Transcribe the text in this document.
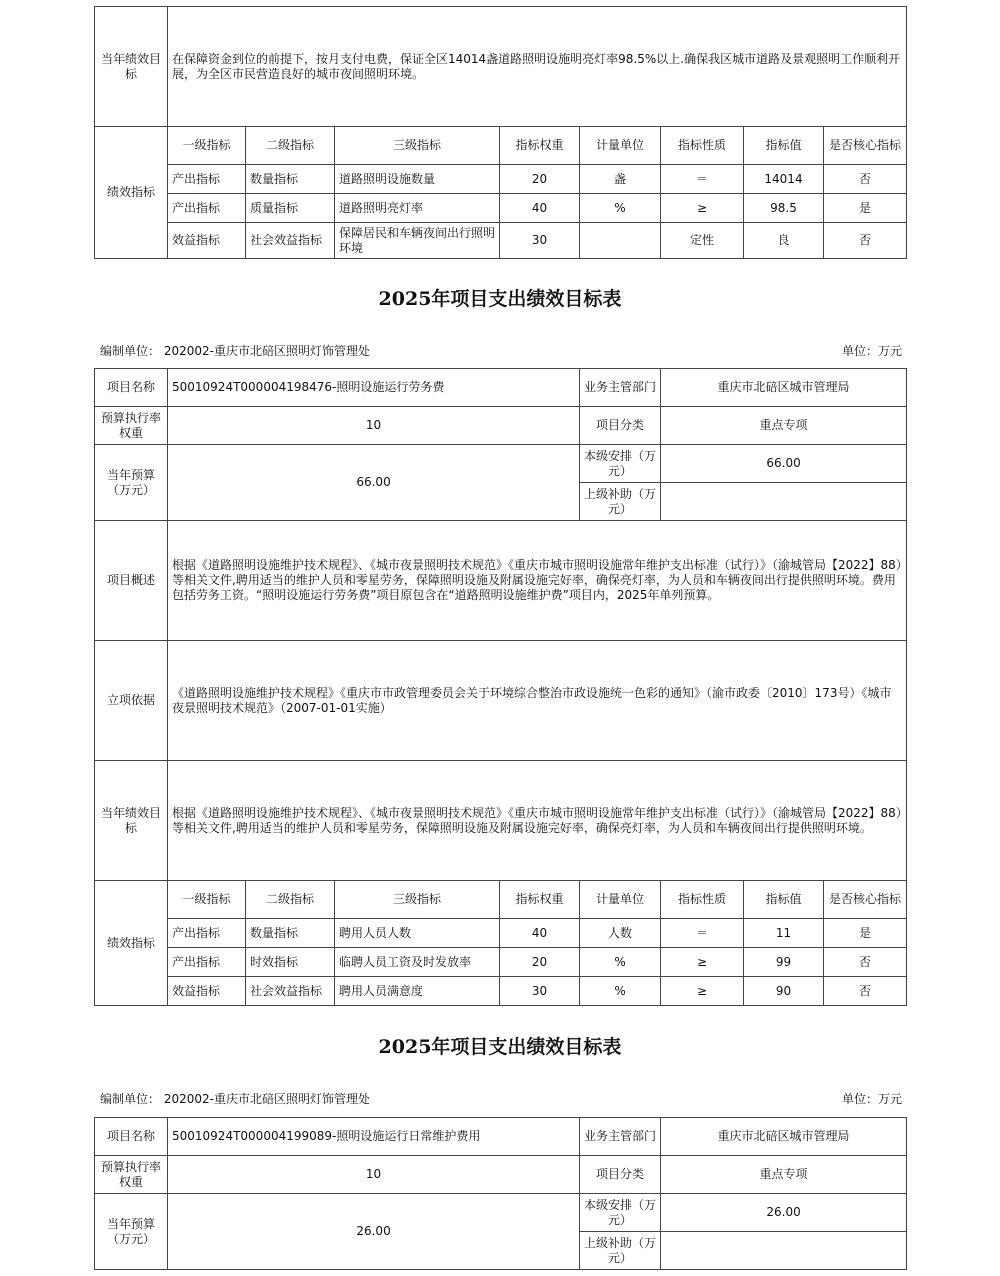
当年绩效目标	在保障资金到位的前提下，按月支付电费，保证全区14014盏道路照明设施明亮灯率98.5%以上.确保我区城市道路及景观照明工作顺利开展，为全区市民营造良好的城市夜间照明环境。							
绩效指标	一级指标	二级指标	三级指标	指标权重	计量单位	指标性质	指标值	是否核心指标
	产出指标	数量指标	道路照明设施数量	20	盏	＝	14014	否
	产出指标	质量指标	道路照明亮灯率	40	%	≥	98.5	是
	效益指标	社会效益指标	保障居民和车辆夜间出行照明环境	30		定性	良	否
2025年项目支出绩效目标表
编制单位： 202002-重庆市北碚区照明灯饰管理处	单位：万元
项目名称	50010924T000004198476-照明设施运行劳务费				业务主管部门	重庆市北碚区城市管理局		
预算执行率权重	10				项目分类	重点专项		
当年预算（万元）	66.00				本级安排（万元）	66.00		
					上级补助（万元）			
项目概述	根据《道路照明设施维护技术规程》、《城市夜景照明技术规范》《重庆市城市照明设施常年维护支出标准（试行）》（渝城管局【2022】88）等相关文件,聘用适当的维护人员和零星劳务，保障照明设施及附属设施完好率，确保亮灯率，为人员和车辆夜间出行提供照明环境。费用包括劳务工资。“照明设施运行劳务费”项目原包含在“道路照明设施维护费”项目内，2025年单列预算。							
立项依据	《道路照明设施维护技术规程》《重庆市市政管理委员会关于环境综合整治市政设施统一色彩的通知》（渝市政委〔2010〕173号）《城市夜景照明技术规范》（2007-01-01实施）							
当年绩效目标	根据《道路照明设施维护技术规程》、《城市夜景照明技术规范》《重庆市城市照明设施常年维护支出标准（试行）》（渝城管局【2022】88）等相关文件,聘用适当的维护人员和零星劳务，保障照明设施及附属设施完好率，确保亮灯率，为人员和车辆夜间出行提供照明环境。							
绩效指标	一级指标	二级指标	三级指标	指标权重	计量单位	指标性质	指标值	是否核心指标
	产出指标	数量指标	聘用人员人数	40	人数	＝	11	是
	产出指标	时效指标	临聘人员工资及时发放率	20	%	≥	99	否
	效益指标	社会效益指标	聘用人员满意度	30	%	≥	90	否
2025年项目支出绩效目标表
编制单位： 202002-重庆市北碚区照明灯饰管理处	单位：万元
项目名称	50010924T000004199089-照明设施运行日常维护费用	业务主管部门	重庆市北碚区城市管理局
预算执行率权重	10	项目分类	重点专项
当年预算（万元）	26.00	本级安排（万元）	26.00
		上级补助（万元）	
